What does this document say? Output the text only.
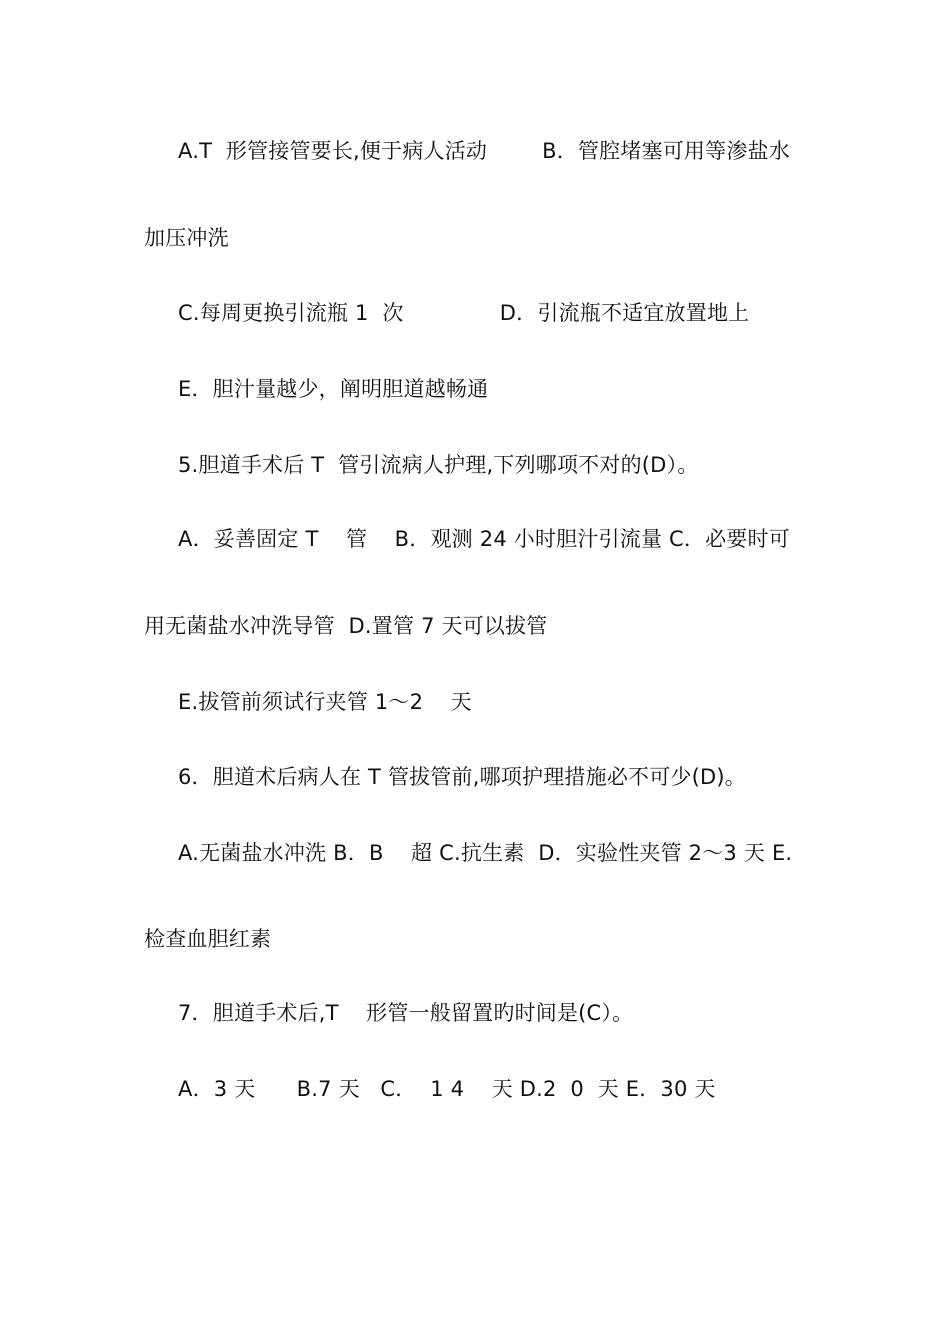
A.T  形管接管要长,便于病人活动        B．管腔堵塞可用等渗盐水
加压冲洗
C.每周更换引流瓶 1  次              D．引流瓶不适宜放置地上
E．胆汁量越少，阐明胆道越畅通
5.胆道手术后 T  管引流病人护理,下列哪项不对的(D）。
A．妥善固定 T    管    B．观测 24 小时胆汁引流量 C．必要时可
用无菌盐水冲洗导管  D.置管 7 天可以拔管
E.拔管前须试行夹管 1～2    天
6．胆道术后病人在 T 管拔管前,哪项护理措施必不可少(D)。
A.无菌盐水冲洗 B．B    超 C.抗生素  D．实验性夹管 2～3 天 E.
检查血胆红素
7．胆道手术后,T    形管一般留置旳时间是(C）。
A．3 天      B.7 天   C．  1 4    天 D.2  0  天 E．30 天
